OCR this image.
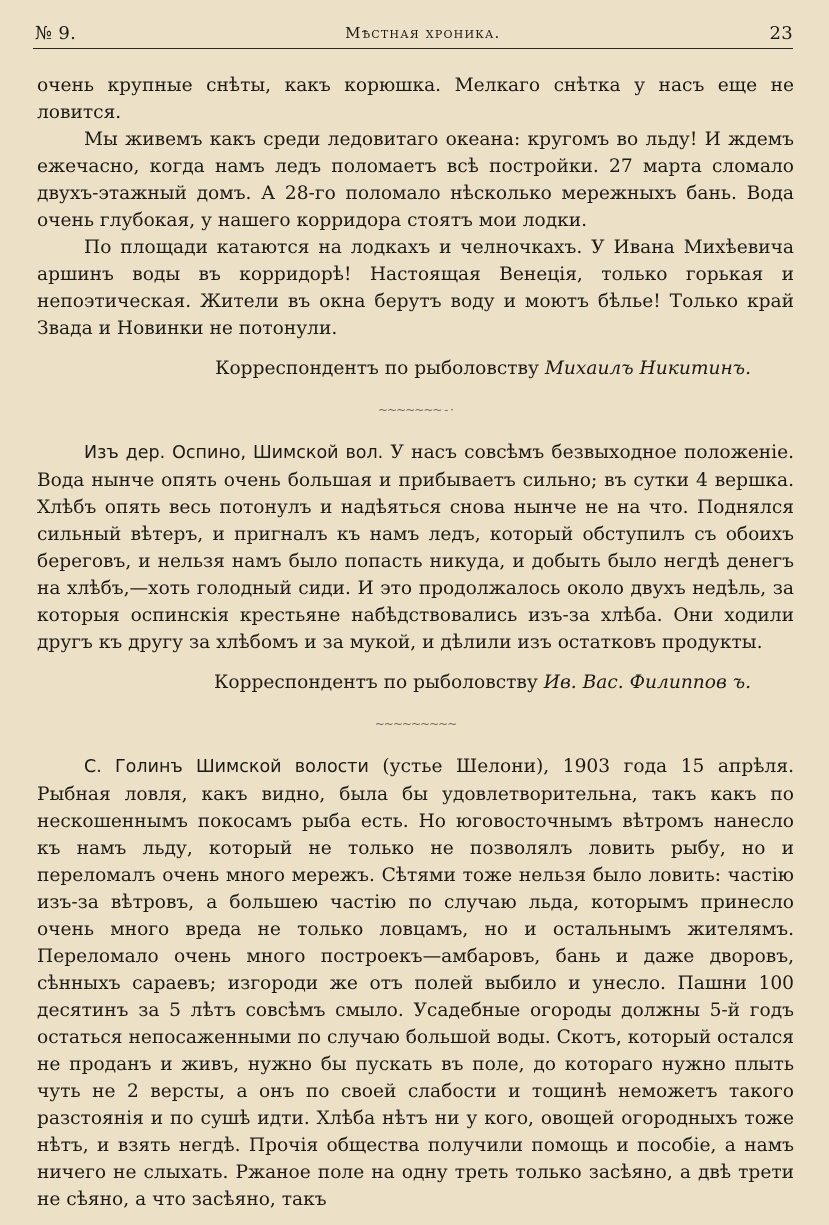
№ 9.	Мѣстная хроника.	23

очень крупные снѣты, какъ корюшка. Мелкаго снѣтка у насъ еще не ловится.

Мы живемъ какъ среди ледовитаго океана: кругомъ во льду! И ждемъ ежечасно, когда намъ ледъ поломаетъ всѣ постройки. 27 марта сломало двухъ-этажный домъ. А 28-го поломало нѣсколько мережныхъ бань. Вода очень глубокая, у нашего корридора стоятъ мои лодки.

По площади катаются на лодкахъ и челночкахъ. У Ивана Михѣевича аршинъ воды въ корридорѣ! Настоящая Венеція, только горькая и непоэтическая. Жители въ окна берутъ воду и моютъ бѣлье! Только край Звада и Новинки не потонули.

Корреспондентъ по рыболовству Михаилъ Никитинъ.
~~~~~~~ - ·

Изъ дер. Оспино, Шимской вол. У насъ совсѣмъ безвыходное положеніе. Вода нынче опять очень большая и прибываетъ сильно; въ сутки 4 вершка. Хлѣбъ опять весь потонулъ и надѣяться снова нынче не на что. Поднялся сильный вѣтеръ, и пригналъ къ намъ ледъ, который обступилъ съ обоихъ береговъ, и нельзя намъ было попасть никуда, и добыть было негдѣ денегъ на хлѣбъ,—хоть голодный сиди. И это продолжалось около двухъ недѣль, за которыя оспинскія крестьяне набѣдствовались изъ-за хлѣба. Они ходили другъ къ другу за хлѣбомъ и за мукой, и дѣлили изъ остатковъ продукты.

Корреспондентъ по рыболовству Ив. Вас. Филиппов ъ.
~~~~~~~~~

С. Голинъ Шимской волости (устье Шелони), 1903 года 15 апрѣля. Рыбная ловля, какъ видно, была бы удовлетворительна, такъ какъ по нескошеннымъ покосамъ рыба есть. Но юговосточнымъ вѣтромъ нанесло къ намъ льду, который не только не позволялъ ловить рыбу, но и переломалъ очень много мережъ. Сѣтями тоже нельзя было ловить: частію изъ-за вѣтровъ, а большею частію по случаю льда, которымъ принесло очень много вреда не только ловцамъ, но и остальнымъ жителямъ. Переломало очень много построекъ—амбаровъ, бань и даже дворовъ, сѣнныхъ сараевъ; изгороди же отъ полей выбило и унесло. Пашни 100 десятинъ за 5 лѣтъ совсѣмъ смыло. Усадебные огороды должны 5-й годъ остаться непосаженными по случаю большой воды. Скотъ, который остался не проданъ и живъ, нужно бы пускать въ поле, до котораго нужно плыть чуть не 2 версты, а онъ по своей слабости и тощинѣ неможетъ такого разстоянія и по сушѣ идти. Хлѣба нѣтъ ни у кого, овощей огородныхъ тоже нѣтъ, и взять негдѣ. Прочія общества получили помощь и пособіе, а намъ ничего не слыхать. Ржаное поле на одну треть только засѣяно, а двѣ трети не сѣяно, а что засѣяно, такъ
